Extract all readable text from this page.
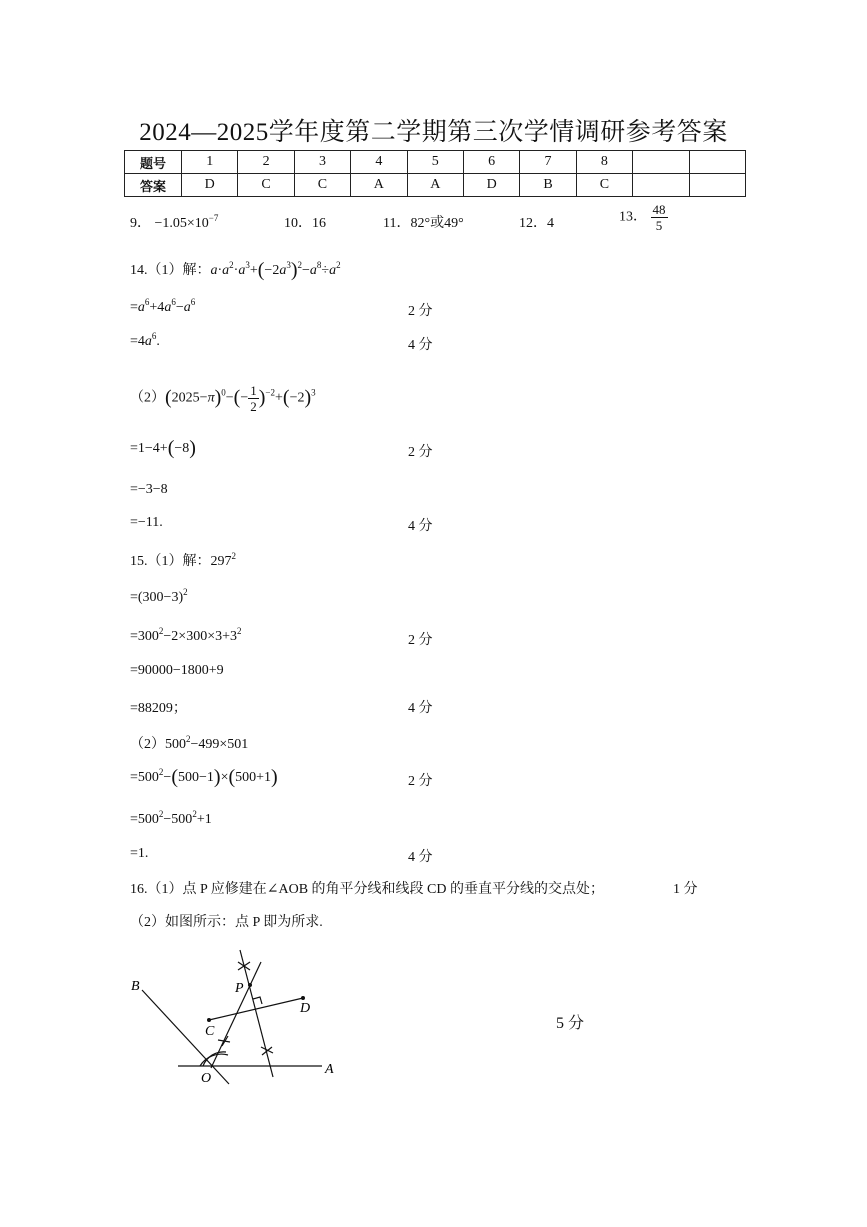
2024—2025学年度第二学期第三次学情调研参考答案
题号	1	2	3	4	5	6	7	8		
答案	D	C	C	A	A	D	B	C		
9． $-1.05\times 10^{-7}$	10．16	11．82°或49°	12．4	13． $\frac{48}{5}$
14.（1）解：$a\cdot a^2\cdot a^3+(-2a^3)^2-a^8\div a^2$
$=a^6+4a^6-a^6$
2 分
$=4a^6$.	4 分
$(2)(2025-\pi)^0-(- \frac{1}{2} )^{-2}+(-2)^3$
=1−4+(−8)	2 分
=−3−8
=−11.	4 分
15.（1）解：$297^2$
$=(300-3)^2$
$=300^2-2\times 300\times 3+3^2$
2 分
=90000−1800+9
=88209；	4 分
$(2)500^2-499\times 501$
$=500^2-(500-1)\times(500+1)$	2 分
$=500^2-500^2+1$
=1.	4 分
16.（1）点 P 应修建在∠AOB 的角平分线和线段 CD 的垂直平分线的交点处；	1 分
（2）如图所示：点 P 即为所求.
5 分
B	P
D
C
O
A
